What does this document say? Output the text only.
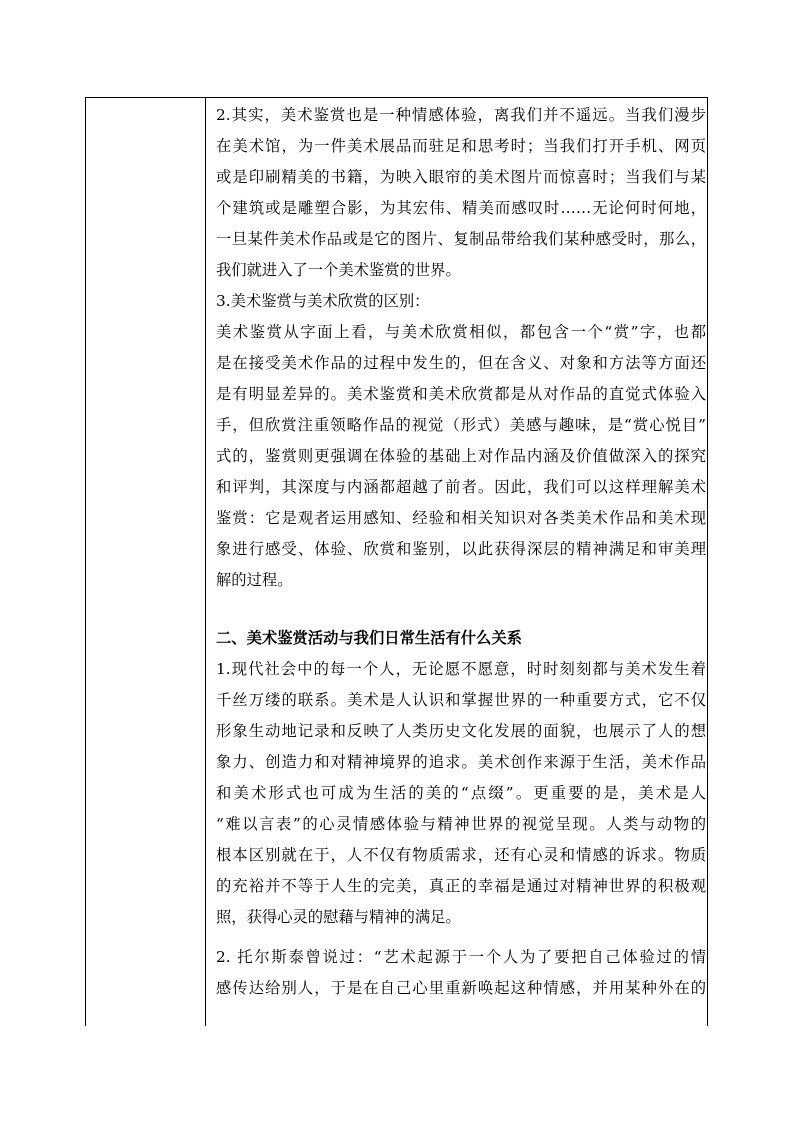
2.其实，美术鉴赏也是一种情感体验，离我们并不遥远。当我们漫步
在美术馆，为一件美术展品而驻足和思考时；当我们打开手机、网页
或是印刷精美的书籍，为映入眼帘的美术图片而惊喜时；当我们与某
个建筑或是雕塑合影，为其宏伟、精美而感叹时……无论何时何地，
一旦某件美术作品或是它的图片、复制品带给我们某种感受时，那么，
我们就进入了一个美术鉴赏的世界。

3.美术鉴赏与美术欣赏的区别：

美术鉴赏从字面上看，与美术欣赏相似，都包含一个“赏”字，也都
是在接受美术作品的过程中发生的，但在含义、对象和方法等方面还
是有明显差异的。美术鉴赏和美术欣赏都是从对作品的直觉式体验入
手，但欣赏注重领略作品的视觉（形式）美感与趣味，是“赏心悦目”
式的，鉴赏则更强调在体验的基础上对作品内涵及价值做深入的探究
和评判，其深度与内涵都超越了前者。因此，我们可以这样理解美术
鉴赏：它是观者运用感知、经验和相关知识对各类美术作品和美术现
象进行感受、体验、欣赏和鉴别，以此获得深层的精神满足和审美理
解的过程。

二、美术鉴赏活动与我们日常生活有什么关系

1.现代社会中的每一个人，无论愿不愿意，时时刻刻都与美术发生着
千丝万缕的联系。美术是人认识和掌握世界的一种重要方式，它不仅
形象生动地记录和反映了人类历史文化发展的面貌，也展示了人的想
象力、创造力和对精神境界的追求。美术创作来源于生活，美术作品
和美术形式也可成为生活的美的“点缀”。更重要的是，美术是人
“难以言表”的心灵情感体验与精神世界的视觉呈现。人类与动物的
根本区别就在于，人不仅有物质需求，还有心灵和情感的诉求。物质
的充裕并不等于人生的完美，真正的幸福是通过对精神世界的积极观
照，获得心灵的慰藉与精神的满足。

2. 托尔斯泰曾说过：“艺术起源于一个人为了要把自己体验过的情
感传达给别人，于是在自己心里重新唤起这种情感，并用某种外在的
